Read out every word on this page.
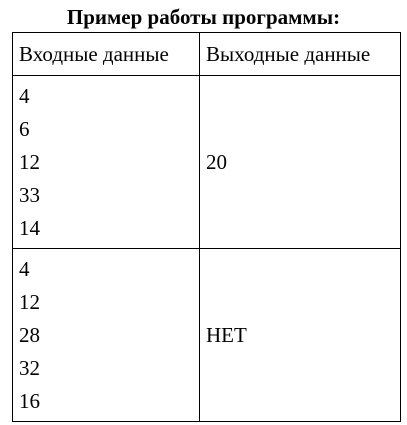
Пример работы программы:
Входные данные	Выходные данные

4
6
12
33
14	20

4
12
28
32
16	НЕТ
